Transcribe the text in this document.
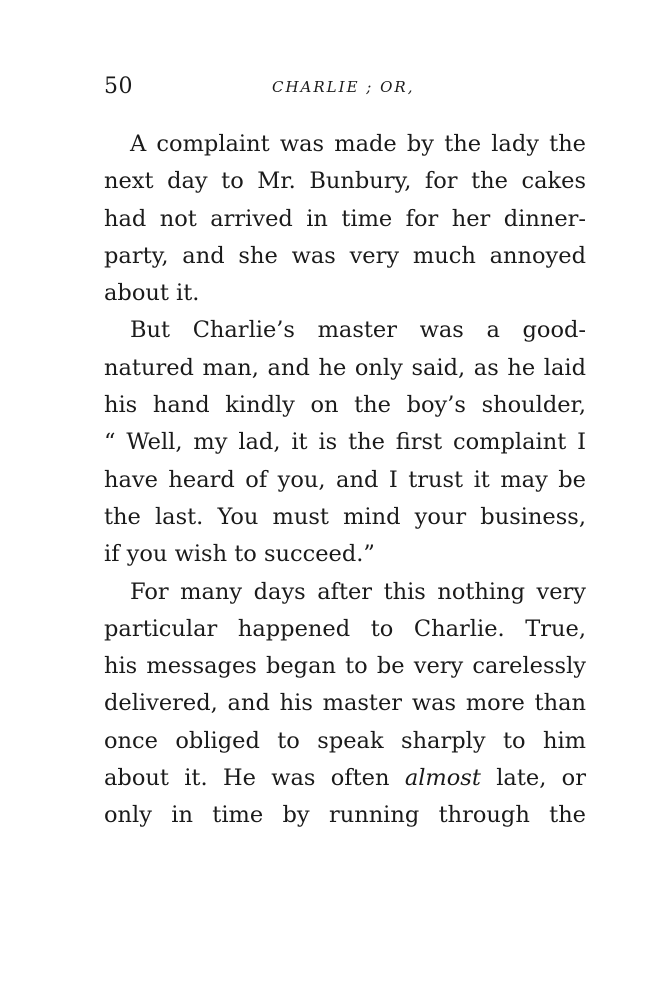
50	CHARLIE ; OR,
A complaint was made by the lady the
next day to Mr. Bunbury, for the cakes
had not arrived in time for her dinner-
party, and she was very much annoyed
about it.
But Charlie’s master was a good-
natured man, and he only said, as he laid
his hand kindly on the boy’s shoulder,
“ Well, my lad, it is the first complaint I
have heard of you, and I trust it may be
the last. You must mind your business,
if you wish to succeed.”
For many days after this nothing very
particular happened to Charlie. True,
his messages began to be very carelessly
delivered, and his master was more than
once obliged to speak sharply to him
about it. He was often almost late, or
only in time by running through the
